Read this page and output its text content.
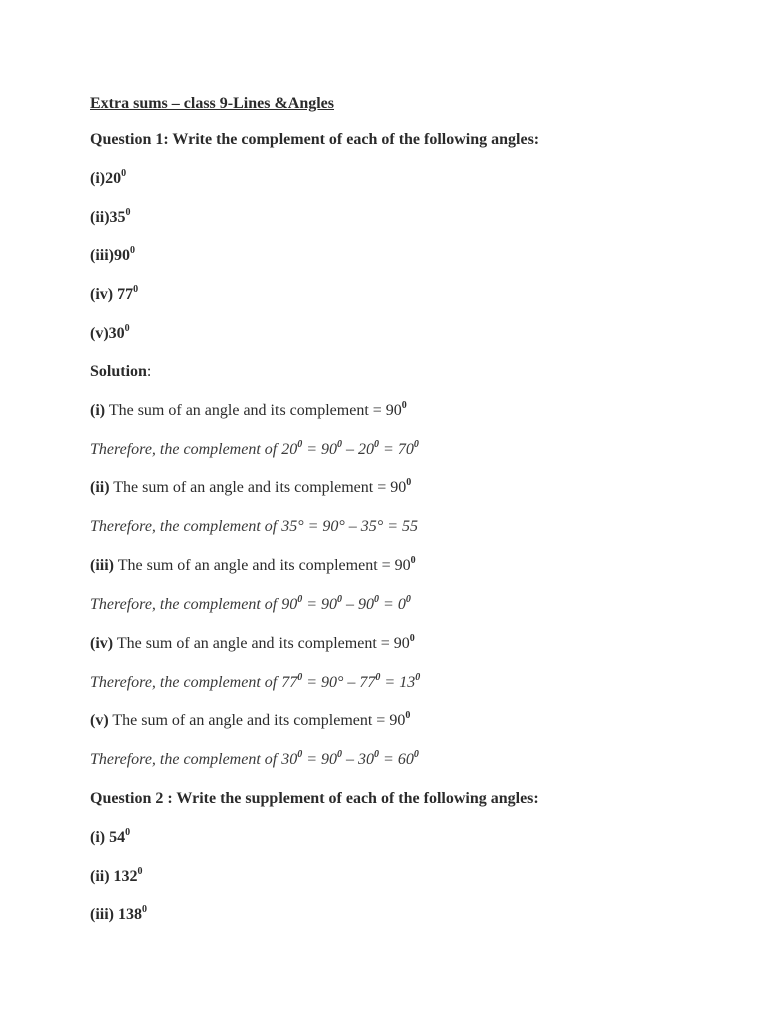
Extra sums – class 9-Lines &Angles
Question 1: Write the complement of each of the following angles:
$(i)20^0$
$(ii)35^0$
$(iii)90^0$
(iv) $77^0$
$(v)30^0$
Solution:
(i) The sum of an angle and its complement = $90^0$
Therefore, the complement of $20^0 = 90^0 - 20^0 = 70^0$
(ii) The sum of an angle and its complement = $90^0$
Therefore, the complement of 35° = 90° – 35° = 55
(iii) The sum of an angle and its complement = $90^0$
Therefore, the complement of $90^0 = 90^0 - 90^0 = 0^0$
(iv) The sum of an angle and its complement = $90^0$
Therefore, the complement of $77^0 = 90^\circ - 77^0 = 13^0$
(v) The sum of an angle and its complement = $90^0$
Therefore, the complement of $30^0 = 90^0 - 30^0 = 60^0$
Question 2 : Write the supplement of each of the following angles:
(i) $54^0$
(ii) $132^0$
(iii) $138^0$
